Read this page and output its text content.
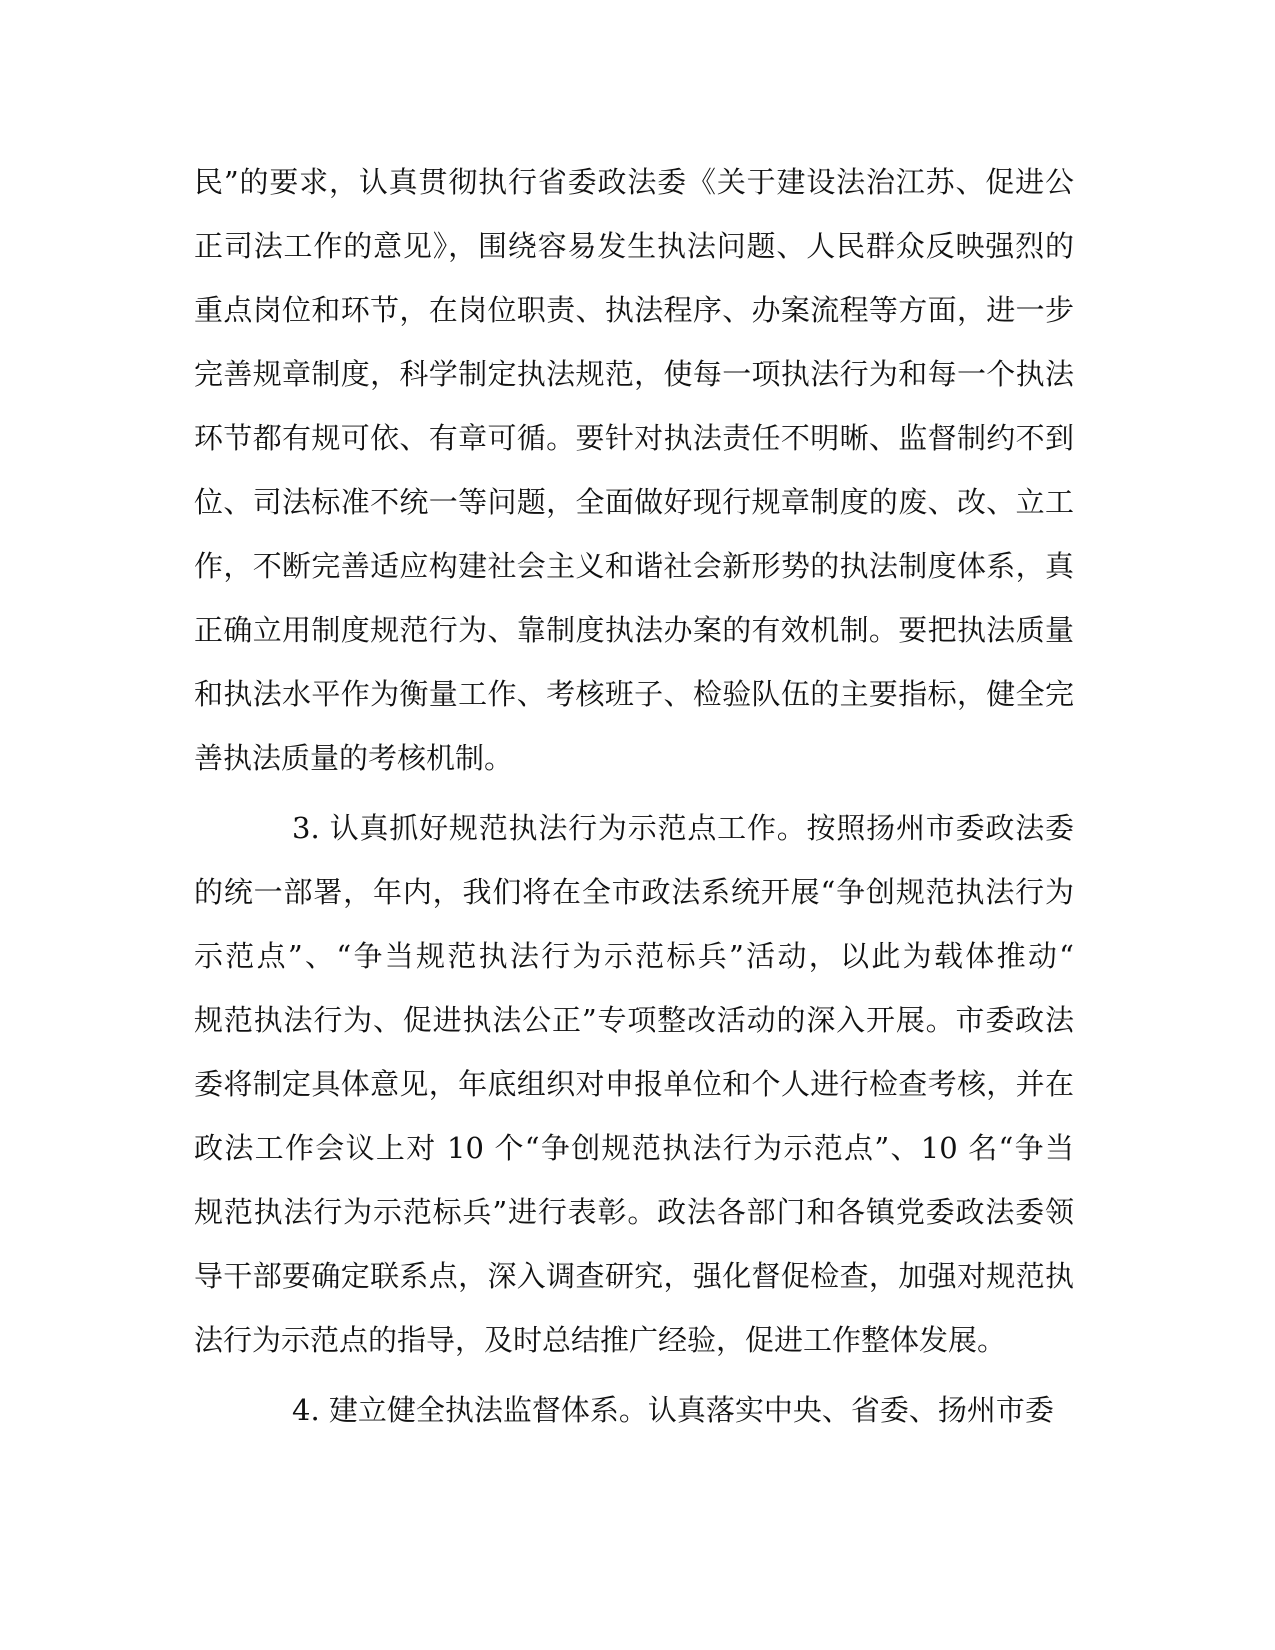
民”的要求，认真贯彻执行省委政法委《关于建设法治江苏、促进公
正司法工作的意见》，围绕容易发生执法问题、人民群众反映强烈的
重点岗位和环节，在岗位职责、执法程序、办案流程等方面，进一步
完善规章制度，科学制定执法规范，使每一项执法行为和每一个执法
环节都有规可依、有章可循。要针对执法责任不明晰、监督制约不到
位、司法标准不统一等问题，全面做好现行规章制度的废、改、立工
作，不断完善适应构建社会主义和谐社会新形势的执法制度体系，真
正确立用制度规范行为、靠制度执法办案的有效机制。要把执法质量
和执法水平作为衡量工作、考核班子、检验队伍的主要指标，健全完
善执法质量的考核机制。
3. 认真抓好规范执法行为示范点工作。按照扬州市委政法委
的统一部署，年内，我们将在全市政法系统开展“争创规范执法行为
示范点”、“争当规范执法行为示范标兵”活动，以此为载体推动“
规范执法行为、促进执法公正”专项整改活动的深入开展。市委政法
委将制定具体意见，年底组织对申报单位和个人进行检查考核，并在
政法工作会议上对 10 个“争创规范执法行为示范点”、10 名“争当
规范执法行为示范标兵”进行表彰。政法各部门和各镇党委政法委领
导干部要确定联系点，深入调查研究，强化督促检查，加强对规范执
法行为示范点的指导，及时总结推广经验，促进工作整体发展。
4. 建立健全执法监督体系。认真落实中央、省委、扬州市委
